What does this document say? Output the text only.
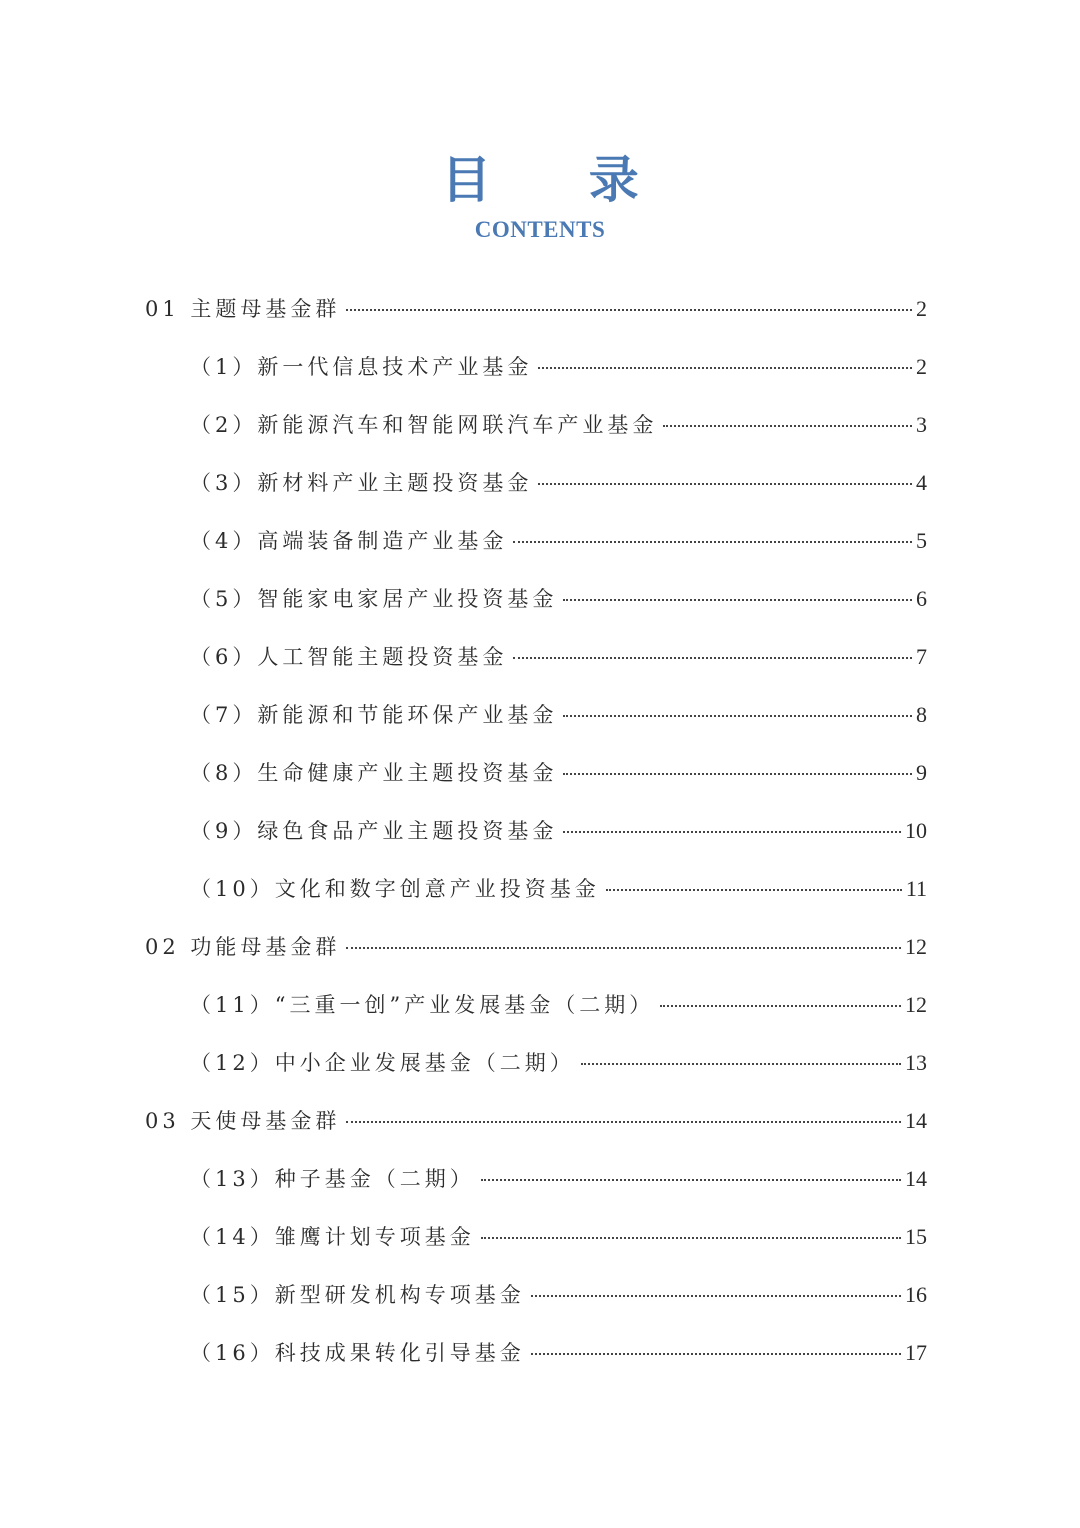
目 录
CONTENTS
01 主题母基金群	2
（1）新一代信息技术产业基金	2
（2）新能源汽车和智能网联汽车产业基金	3
（3）新材料产业主题投资基金	4
（4）高端装备制造产业基金	5
（5）智能家电家居产业投资基金	6
（6）人工智能主题投资基金	7
（7）新能源和节能环保产业基金	8
（8）生命健康产业主题投资基金	9
（9）绿色食品产业主题投资基金	10
（10）文化和数字创意产业投资基金	11
02 功能母基金群	12
（11）“三重一创”产业发展基金（二期）	12
（12）中小企业发展基金（二期）	13
03 天使母基金群	14
（13）种子基金（二期）	14
（14）雏鹰计划专项基金	15
（15）新型研发机构专项基金	16
（16）科技成果转化引导基金	17
